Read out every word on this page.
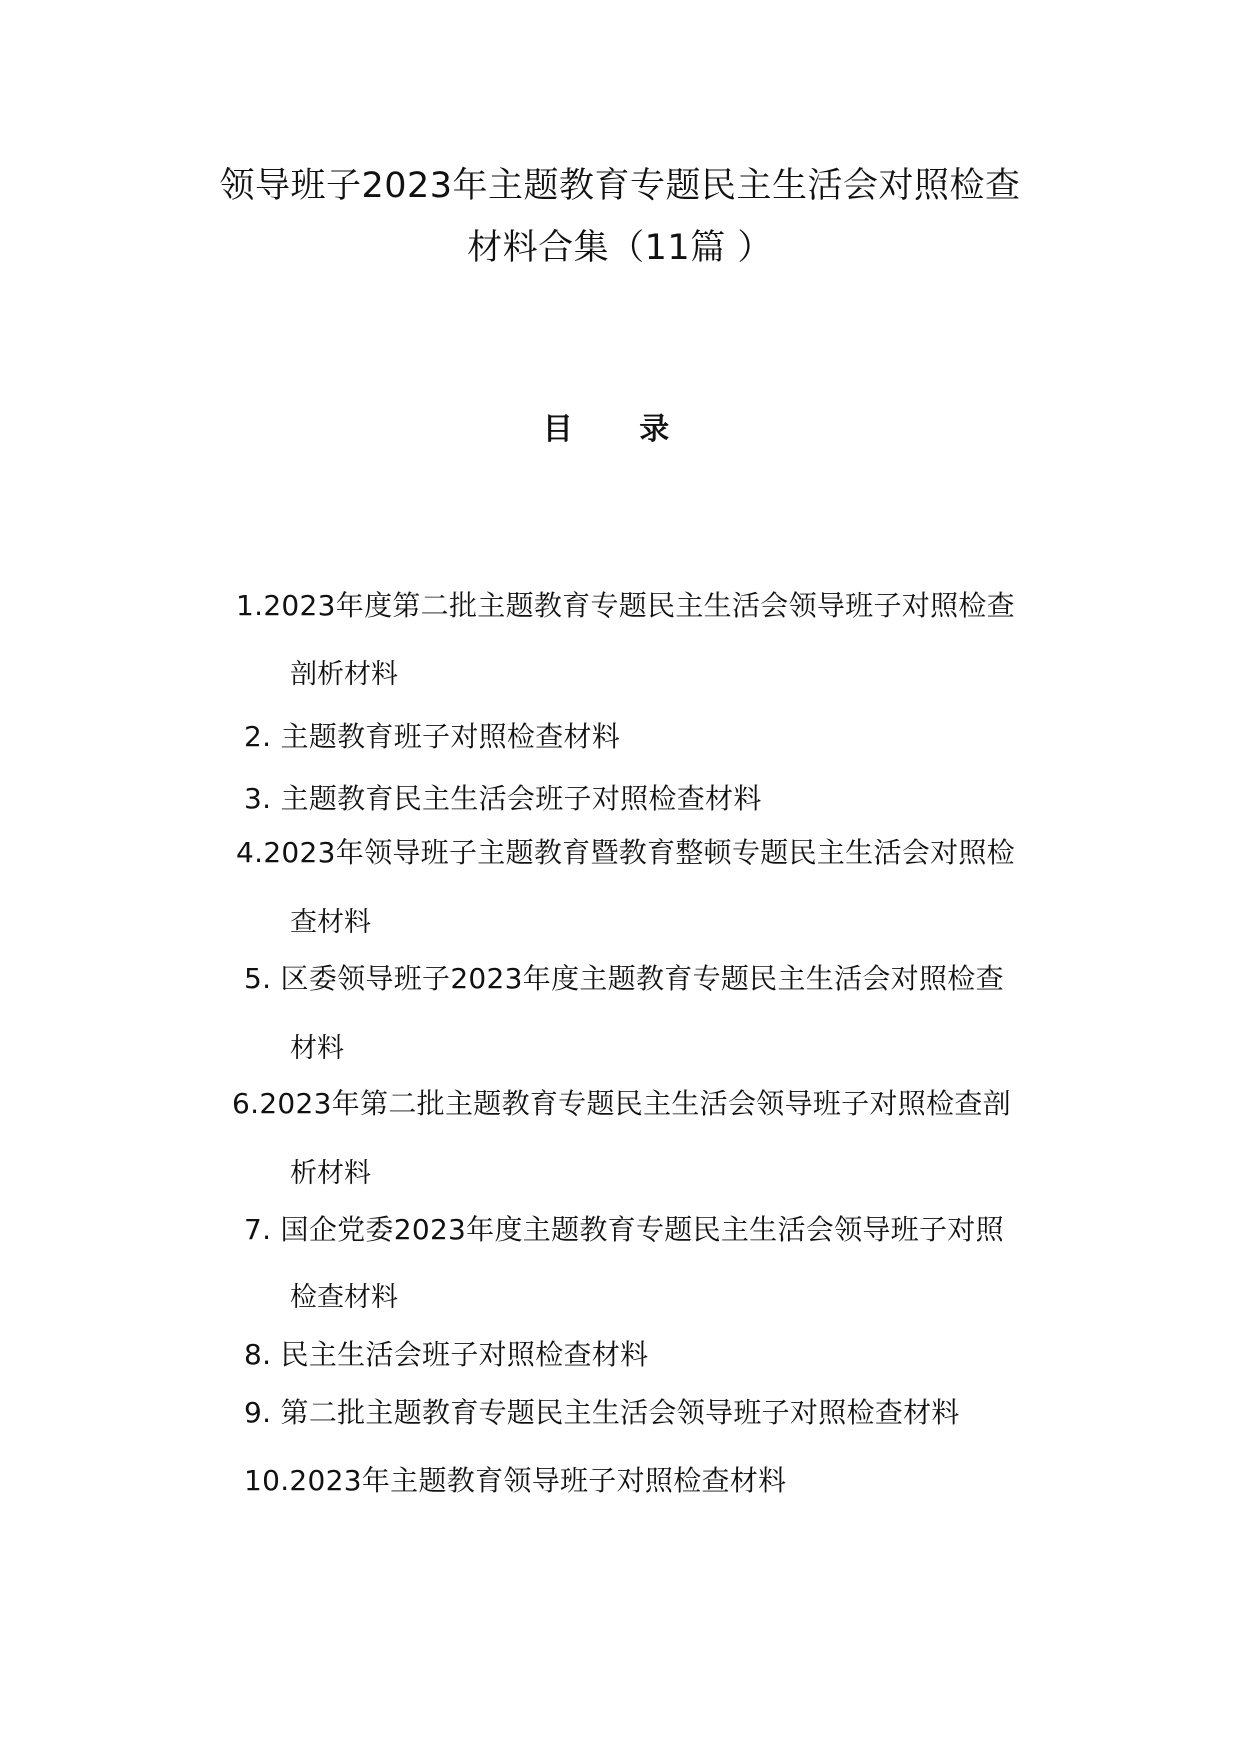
领导班子2023年主题教育专题民主生活会对照检查
材料合集（11篇 ）
目 录
1.2023年度第二批主题教育专题民主生活会领导班子对照检查
剖析材料
2. 主题教育班子对照检查材料
3. 主题教育民主生活会班子对照检查材料
4.2023年领导班子主题教育暨教育整顿专题民主生活会对照检
查材料
5. 区委领导班子2023年度主题教育专题民主生活会对照检查
材料
6.2023年第二批主题教育专题民主生活会领导班子对照检查剖
析材料
7. 国企党委2023年度主题教育专题民主生活会领导班子对照
检查材料
8. 民主生活会班子对照检查材料
9. 第二批主题教育专题民主生活会领导班子对照检查材料
10.2023年主题教育领导班子对照检查材料
